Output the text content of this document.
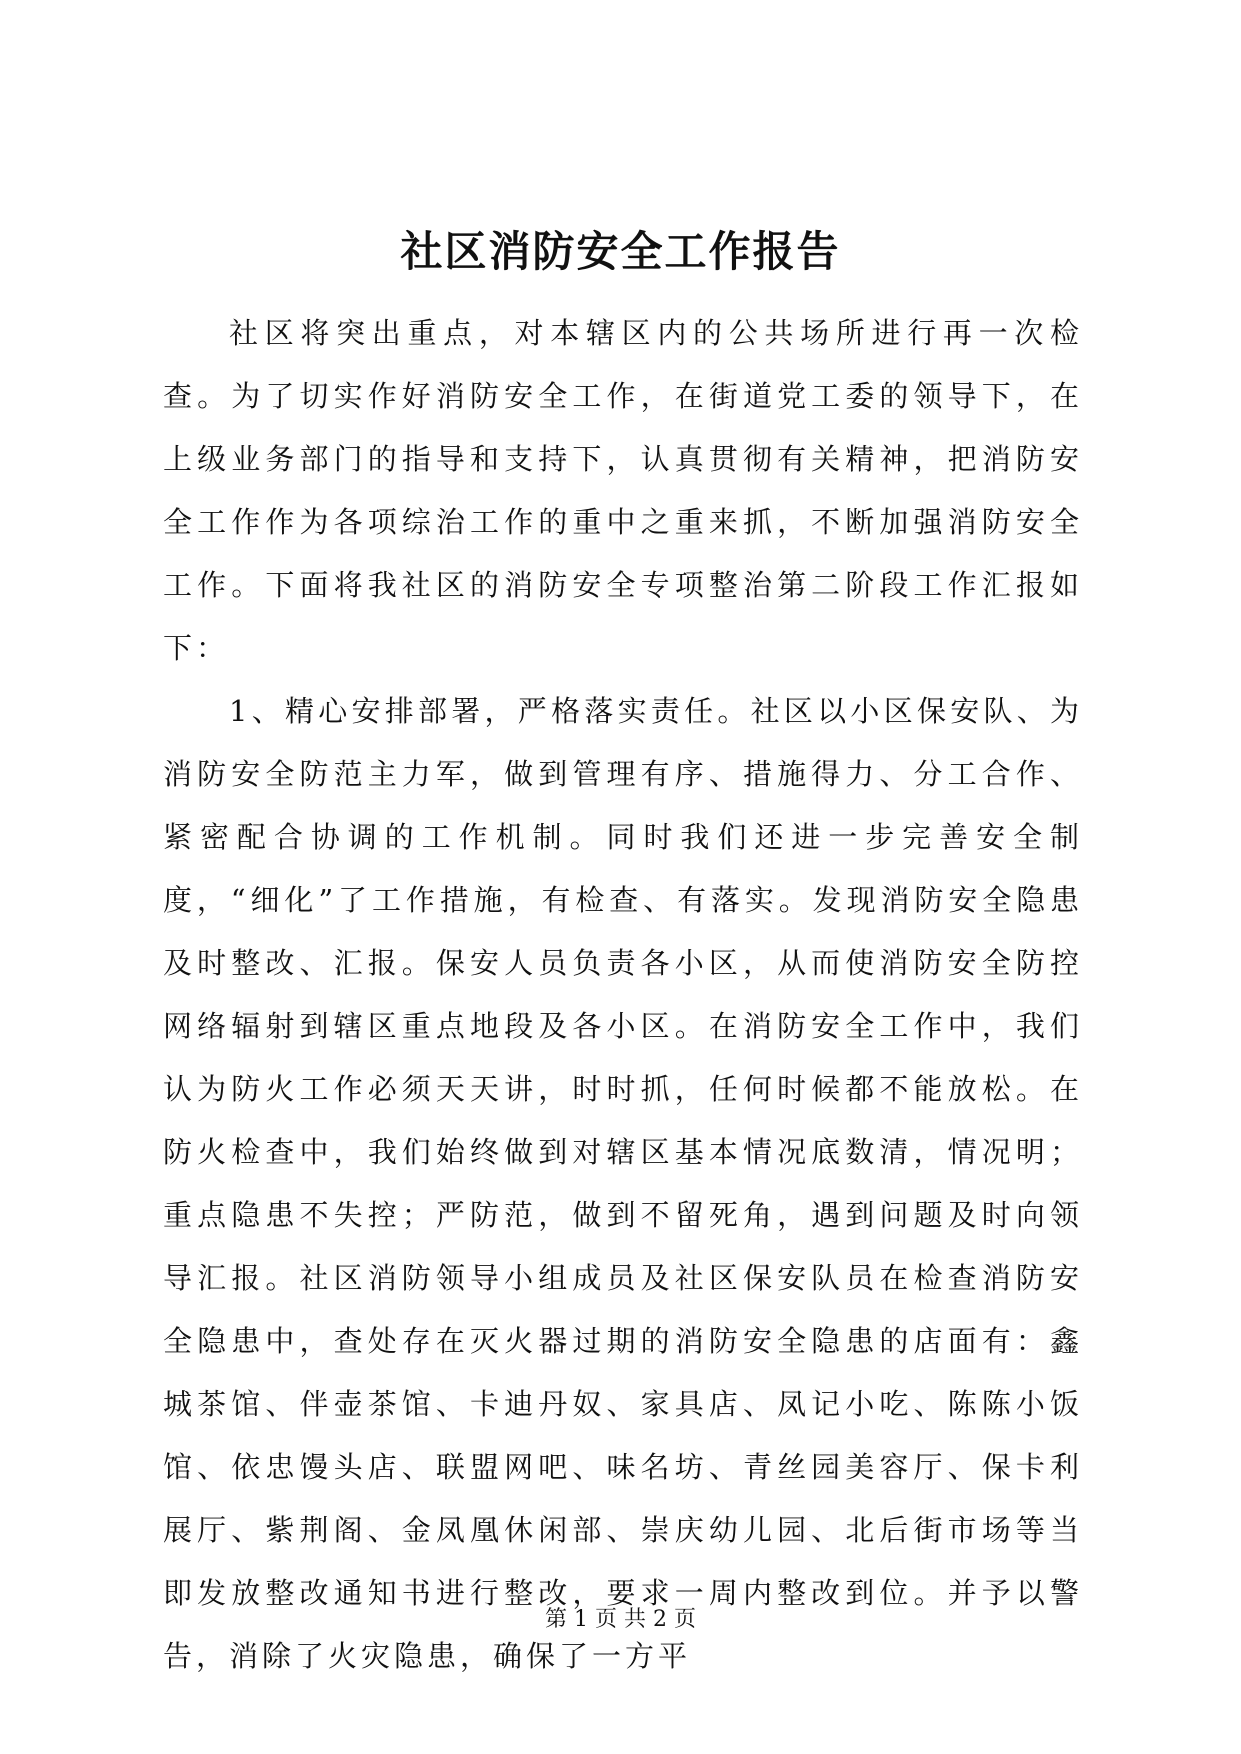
社区消防安全工作报告

社区将突出重点，对本辖区内的公共场所进行再一次检查。为了切实作好消防安全工作，在街道党工委的领导下，在上级业务部门的指导和支持下，认真贯彻有关精神，把消防安全工作作为各项综治工作的重中之重来抓，不断加强消防安全工作。下面将我社区的消防安全专项整治第二阶段工作汇报如下：

1、精心安排部署，严格落实责任。社区以小区保安队、为消防安全防范主力军，做到管理有序、措施得力、分工合作、紧密配合协调的工作机制。同时我们还进一步完善安全制度，“细化”了工作措施，有检查、有落实。发现消防安全隐患及时整改、汇报。保安人员负责各小区，从而使消防安全防控网络辐射到辖区重点地段及各小区。在消防安全工作中，我们认为防火工作必须天天讲，时时抓，任何时候都不能放松。在防火检查中，我们始终做到对辖区基本情况底数清，情况明；重点隐患不失控；严防范，做到不留死角，遇到问题及时向领导汇报。社区消防领导小组成员及社区保安队员在检查消防安全隐患中，查处存在灭火器过期的消防安全隐患的店面有：鑫城茶馆、伴壶茶馆、卡迪丹奴、家具店、凤记小吃、陈陈小饭馆、依忠馒头店、联盟网吧、味名坊、青丝园美容厅、保卡利展厅、紫荆阁、金凤凰休闲部、崇庆幼儿园、北后街市场等当即发放整改通知书进行整改，要求一周内整改到位。并予以警告，消除了火灾隐患，确保了一方平

第 1 页 共 2 页
